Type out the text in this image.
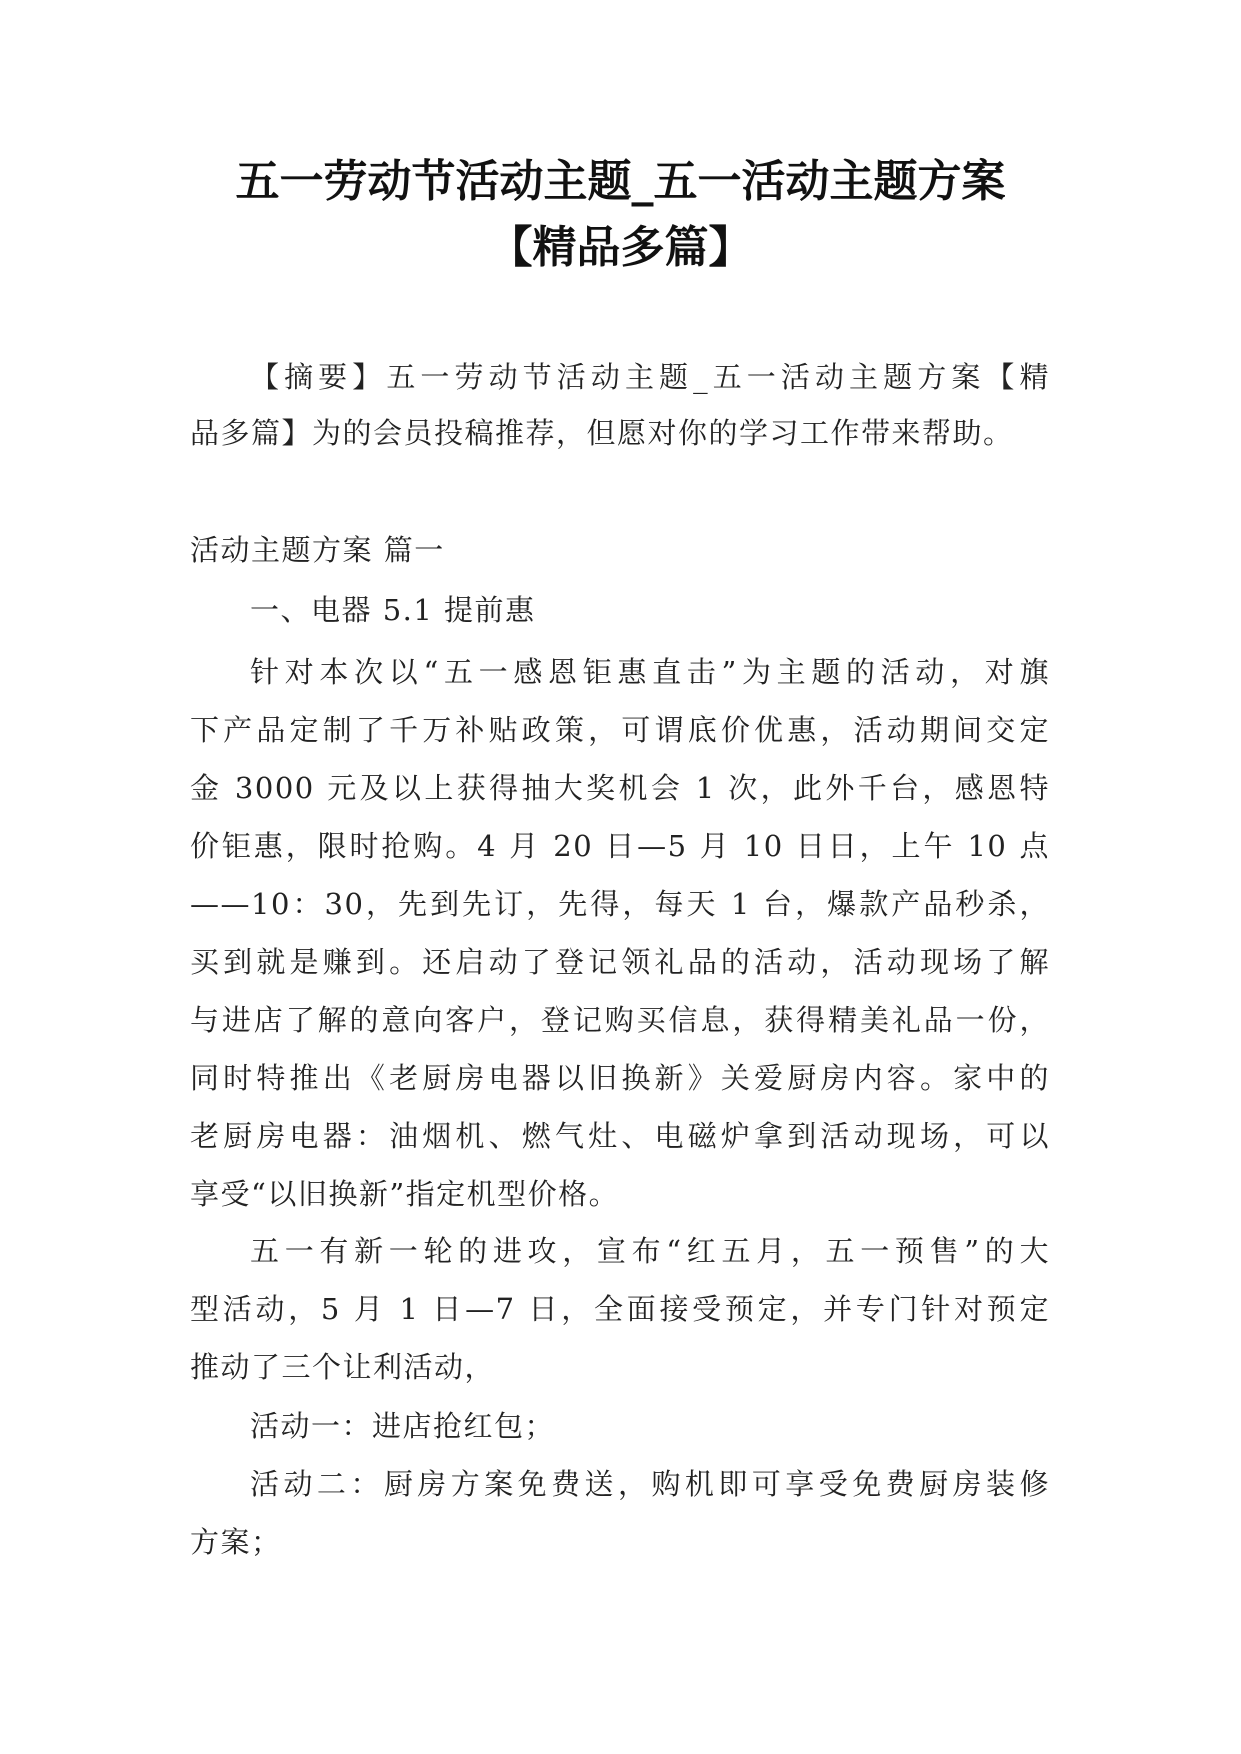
五一劳动节活动主题_五一活动主题方案
【精品多篇】
【摘要】五一劳动节活动主题_五一活动主题方案【精
品多篇】为的会员投稿推荐，但愿对你的学习工作带来帮助。
活动主题方案 篇一
一、电器 5.1 提前惠
针对本次以“五一感恩钜惠直击”为主题的活动，对旗
下产品定制了千万补贴政策，可谓底价优惠，活动期间交定
金 3000 元及以上获得抽大奖机会 1 次，此外千台，感恩特
价钜惠，限时抢购。4 月 20 日—5 月 10 日日，上午 10 点
——10：30，先到先订，先得，每天 1 台，爆款产品秒杀，
买到就是赚到。还启动了登记领礼品的活动，活动现场了解
与进店了解的意向客户，登记购买信息，获得精美礼品一份，
同时特推出《老厨房电器以旧换新》关爱厨房内容。家中的
老厨房电器：油烟机、燃气灶、电磁炉拿到活动现场，可以
享受“以旧换新”指定机型价格。
五一有新一轮的进攻，宣布“红五月，五一预售”的大
型活动，5 月 1 日—7 日，全面接受预定，并专门针对预定
推动了三个让利活动，
活动一：进店抢红包；
活动二：厨房方案免费送，购机即可享受免费厨房装修
方案；
